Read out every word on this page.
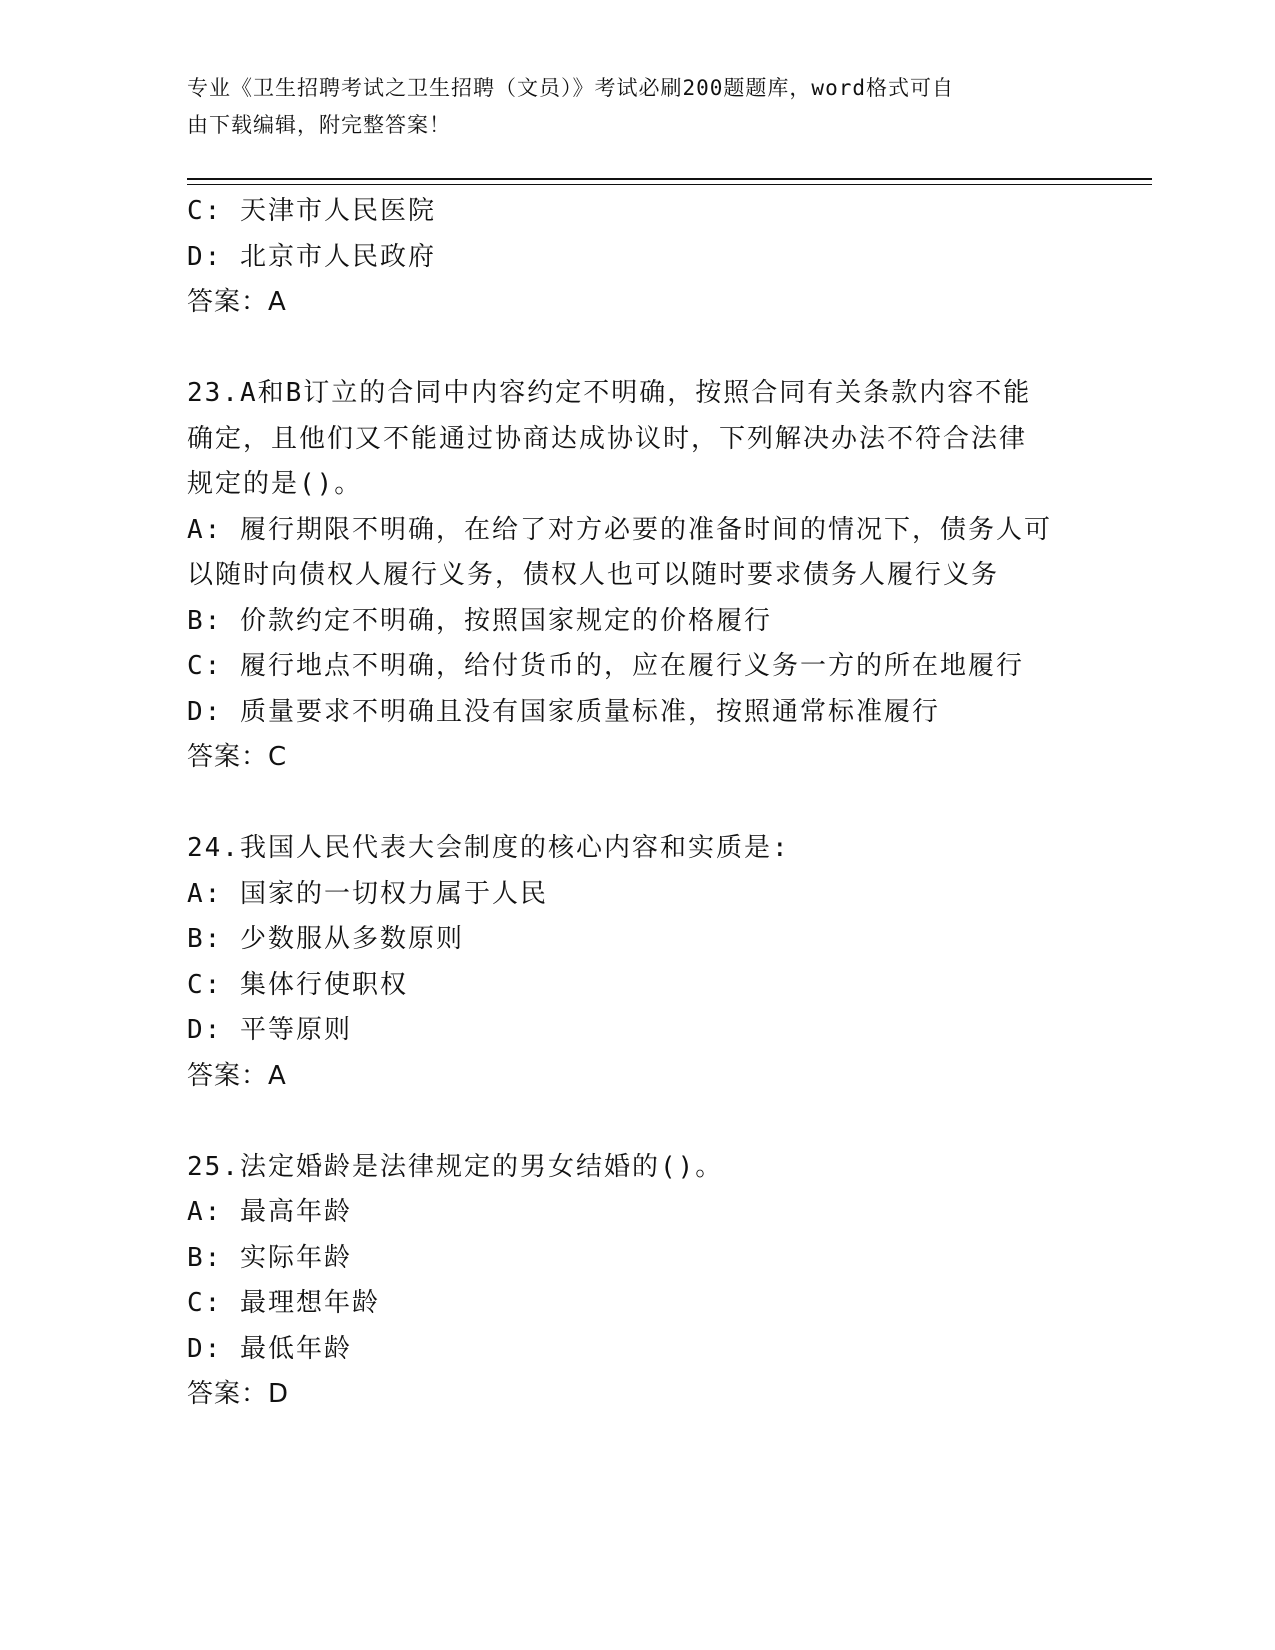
专业《卫生招聘考试之卫生招聘（文员）》考试必刷200题题库，word格式可自
由下载编辑，附完整答案！
C: 天津市人民医院
D: 北京市人民政府
答案：A
23.A和B订立的合同中内容约定不明确，按照合同有关条款内容不能
确定，且他们又不能通过协商达成协议时，下列解决办法不符合法律
规定的是()。
A: 履行期限不明确，在给了对方必要的准备时间的情况下，债务人可
以随时向债权人履行义务，债权人也可以随时要求债务人履行义务
B: 价款约定不明确，按照国家规定的价格履行
C: 履行地点不明确，给付货币的，应在履行义务一方的所在地履行
D: 质量要求不明确且没有国家质量标准，按照通常标准履行
答案：C
24.我国人民代表大会制度的核心内容和实质是:
A: 国家的一切权力属于人民
B: 少数服从多数原则
C: 集体行使职权
D: 平等原则
答案：A
25.法定婚龄是法律规定的男女结婚的()。
A: 最高年龄
B: 实际年龄
C: 最理想年龄
D: 最低年龄
答案：D
